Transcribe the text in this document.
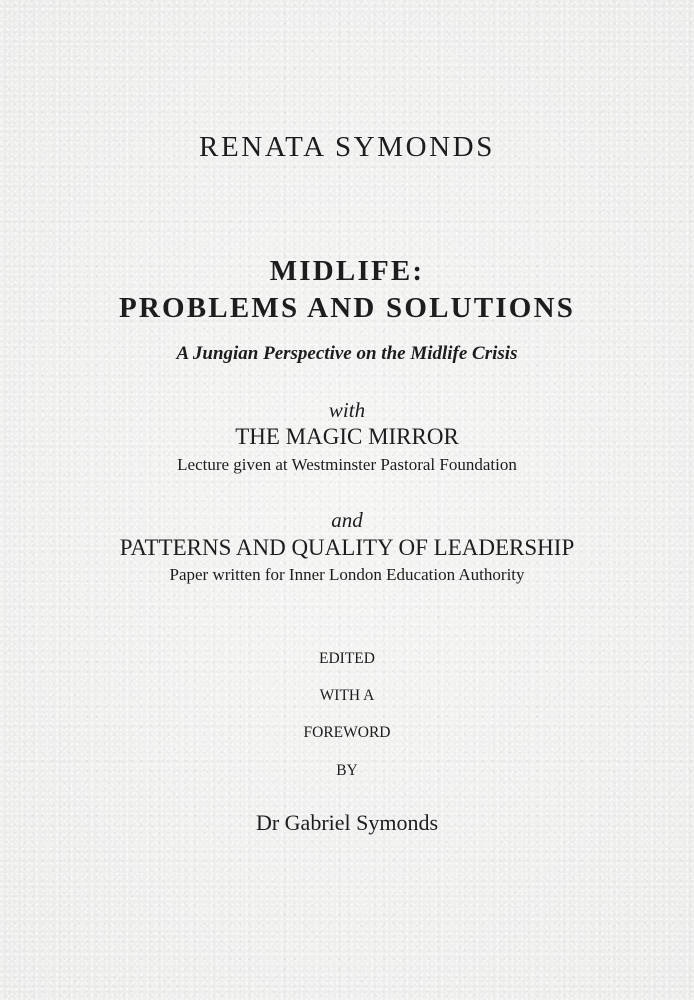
RENATA SYMONDS

MIDLIFE:

PROBLEMS AND SOLUTIONS

A Jungian Perspective on the Midlife Crisis

with

THE MAGIC MIRROR

Lecture given at Westminster Pastoral Foundation

and

PATTERNS AND QUALITY OF LEADERSHIP

Paper written for Inner London Education Authority

EDITED

WITH A

FOREWORD

BY

Dr Gabriel Symonds
